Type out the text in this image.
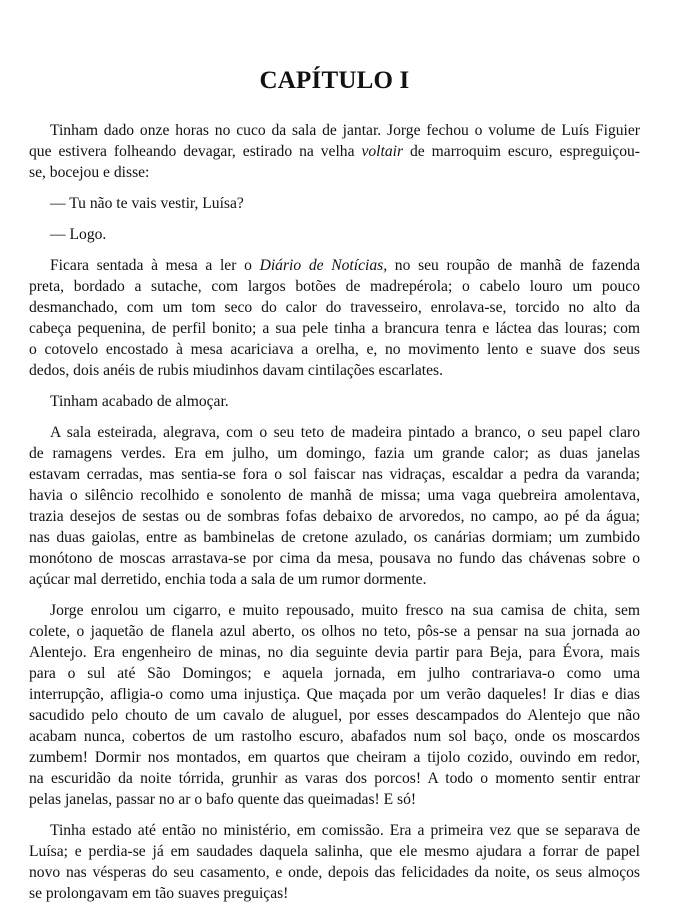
CAPÍTULO I

Tinham dado onze horas no cuco da sala de jantar. Jorge fechou o volume de Luís Figuier
que estivera folheando devagar, estirado na velha voltair de marroquim escuro, espreguiçou-
se, bocejou e disse:

— Tu não te vais vestir, Luísa?

— Logo.

Ficara sentada à mesa a ler o Diário de Notícias, no seu roupão de manhã de fazenda
preta, bordado a sutache, com largos botões de madrepérola; o cabelo louro um pouco
desmanchado, com um tom seco do calor do travesseiro, enrolava-se, torcido no alto da
cabeça pequenina, de perfil bonito; a sua pele tinha a brancura tenra e láctea das louras; com
o cotovelo encostado à mesa acariciava a orelha, e, no movimento lento e suave dos seus
dedos, dois anéis de rubis miudinhos davam cintilações escarlates.

Tinham acabado de almoçar.

A sala esteirada, alegrava, com o seu teto de madeira pintado a branco, o seu papel claro
de ramagens verdes. Era em julho, um domingo, fazia um grande calor; as duas janelas
estavam cerradas, mas sentia-se fora o sol faiscar nas vidraças, escaldar a pedra da varanda;
havia o silêncio recolhido e sonolento de manhã de missa; uma vaga quebreira amolentava,
trazia desejos de sestas ou de sombras fofas debaixo de arvoredos, no campo, ao pé da água;
nas duas gaiolas, entre as bambinelas de cretone azulado, os canárias dormiam; um zumbido
monótono de moscas arrastava-se por cima da mesa, pousava no fundo das chávenas sobre o
açúcar mal derretido, enchia toda a sala de um rumor dormente.

Jorge enrolou um cigarro, e muito repousado, muito fresco na sua camisa de chita, sem
colete, o jaquetão de flanela azul aberto, os olhos no teto, pôs-se a pensar na sua jornada ao
Alentejo. Era engenheiro de minas, no dia seguinte devia partir para Beja, para Évora, mais
para o sul até São Domingos; e aquela jornada, em julho contrariava-o como uma
interrupção, afligia-o como uma injustiça. Que maçada por um verão daqueles! Ir dias e dias
sacudido pelo chouto de um cavalo de aluguel, por esses descampados do Alentejo que não
acabam nunca, cobertos de um rastolho escuro, abafados num sol baço, onde os moscardos
zumbem! Dormir nos montados, em quartos que cheiram a tijolo cozido, ouvindo em redor,
na escuridão da noite tórrida, grunhir as varas dos porcos! A todo o momento sentir entrar
pelas janelas, passar no ar o bafo quente das queimadas! E só!

Tinha estado até então no ministério, em comissão. Era a primeira vez que se separava de
Luísa; e perdia-se já em saudades daquela salinha, que ele mesmo ajudara a forrar de papel
novo nas vésperas do seu casamento, e onde, depois das felicidades da noite, os seus almoços
se prolongavam em tão suaves preguiças!
